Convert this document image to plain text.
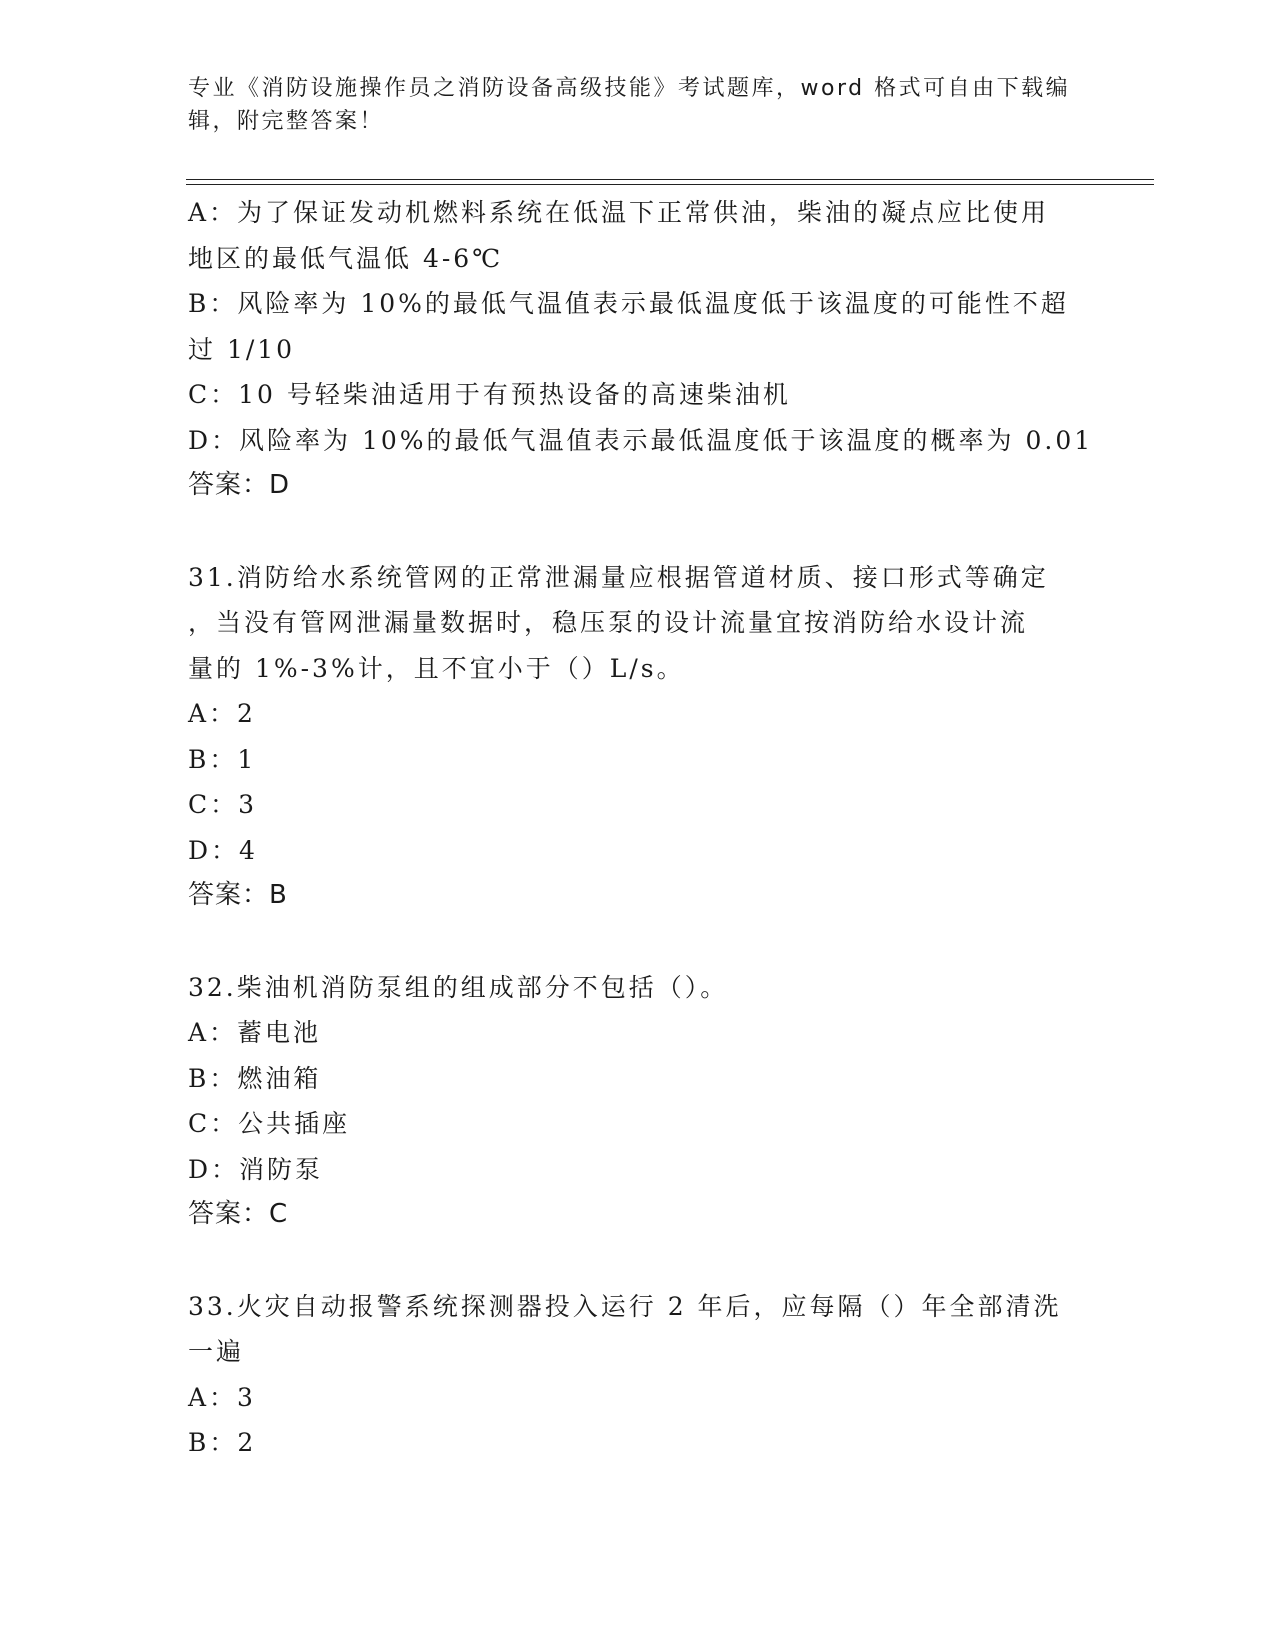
专业《消防设施操作员之消防设备高级技能》考试题库，word 格式可自由下载编
辑，附完整答案！
A：为了保证发动机燃料系统在低温下正常供油，柴油的凝点应比使用
地区的最低气温低 4-6℃
B：风险率为 10%的最低气温值表示最低温度低于该温度的可能性不超
过 1/10
C：10 号轻柴油适用于有预热设备的高速柴油机
D：风险率为 10%的最低气温值表示最低温度低于该温度的概率为 0.01
答案：D
31.消防给水系统管网的正常泄漏量应根据管道材质、接口形式等确定
，当没有管网泄漏量数据时，稳压泵的设计流量宜按消防给水设计流
量的 1%-3%计，且不宜小于（）L/s。
A：2
B：1
C：3
D：4
答案：B
32.柴油机消防泵组的组成部分不包括（）。
A：蓄电池
B：燃油箱
C：公共插座
D：消防泵
答案：C
33.火灾自动报警系统探测器投入运行 2 年后，应每隔（）年全部清洗
一遍
A：3
B：2
